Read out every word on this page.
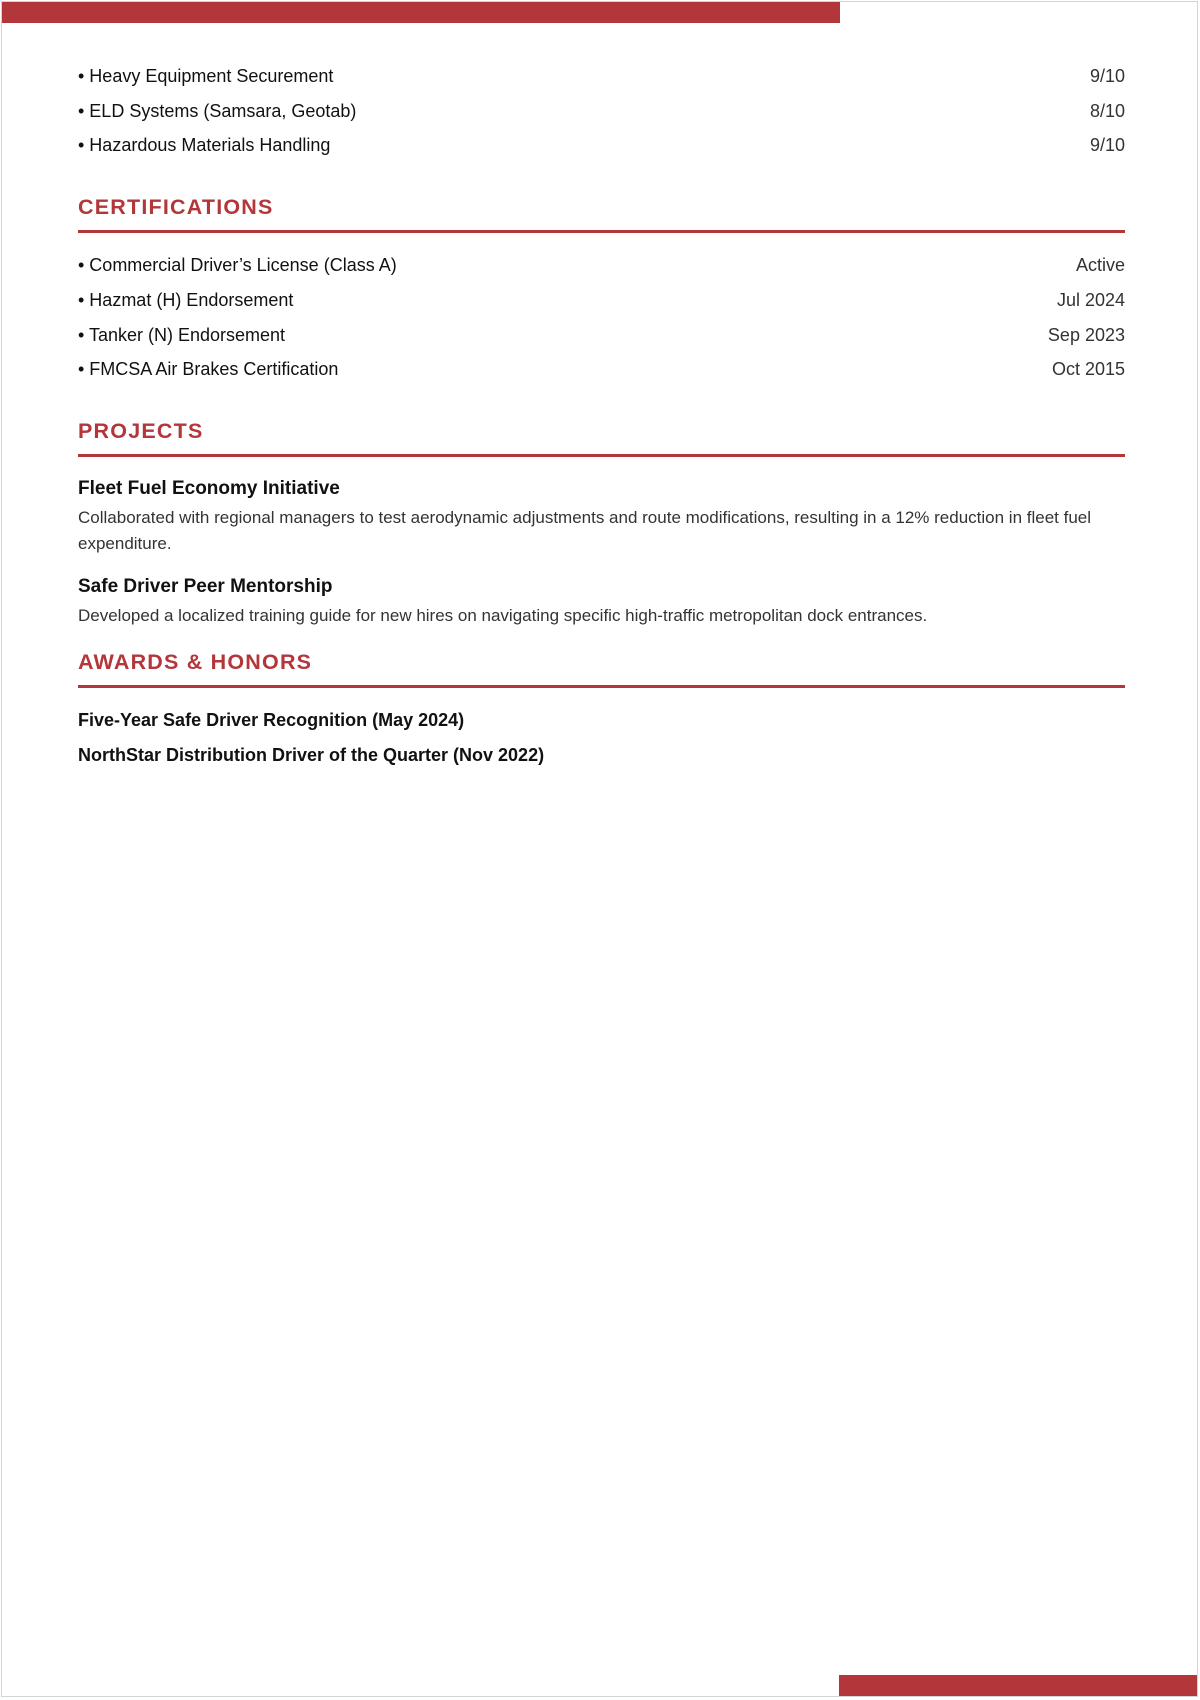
• Heavy Equipment Securement	9/10
• ELD Systems (Samsara, Geotab)	8/10
• Hazardous Materials Handling	9/10
CERTIFICATIONS
• Commercial Driver’s License (Class A)	Active
• Hazmat (H) Endorsement	Jul 2024
• Tanker (N) Endorsement	Sep 2023
• FMCSA Air Brakes Certification	Oct 2015
PROJECTS
Fleet Fuel Economy Initiative
Collaborated with regional managers to test aerodynamic adjustments and route modifications, resulting in a 12% reduction in fleet fuel expenditure.
Safe Driver Peer Mentorship
Developed a localized training guide for new hires on navigating specific high-traffic metropolitan dock entrances.
AWARDS & HONORS
Five-Year Safe Driver Recognition (May 2024)
NorthStar Distribution Driver of the Quarter (Nov 2022)
